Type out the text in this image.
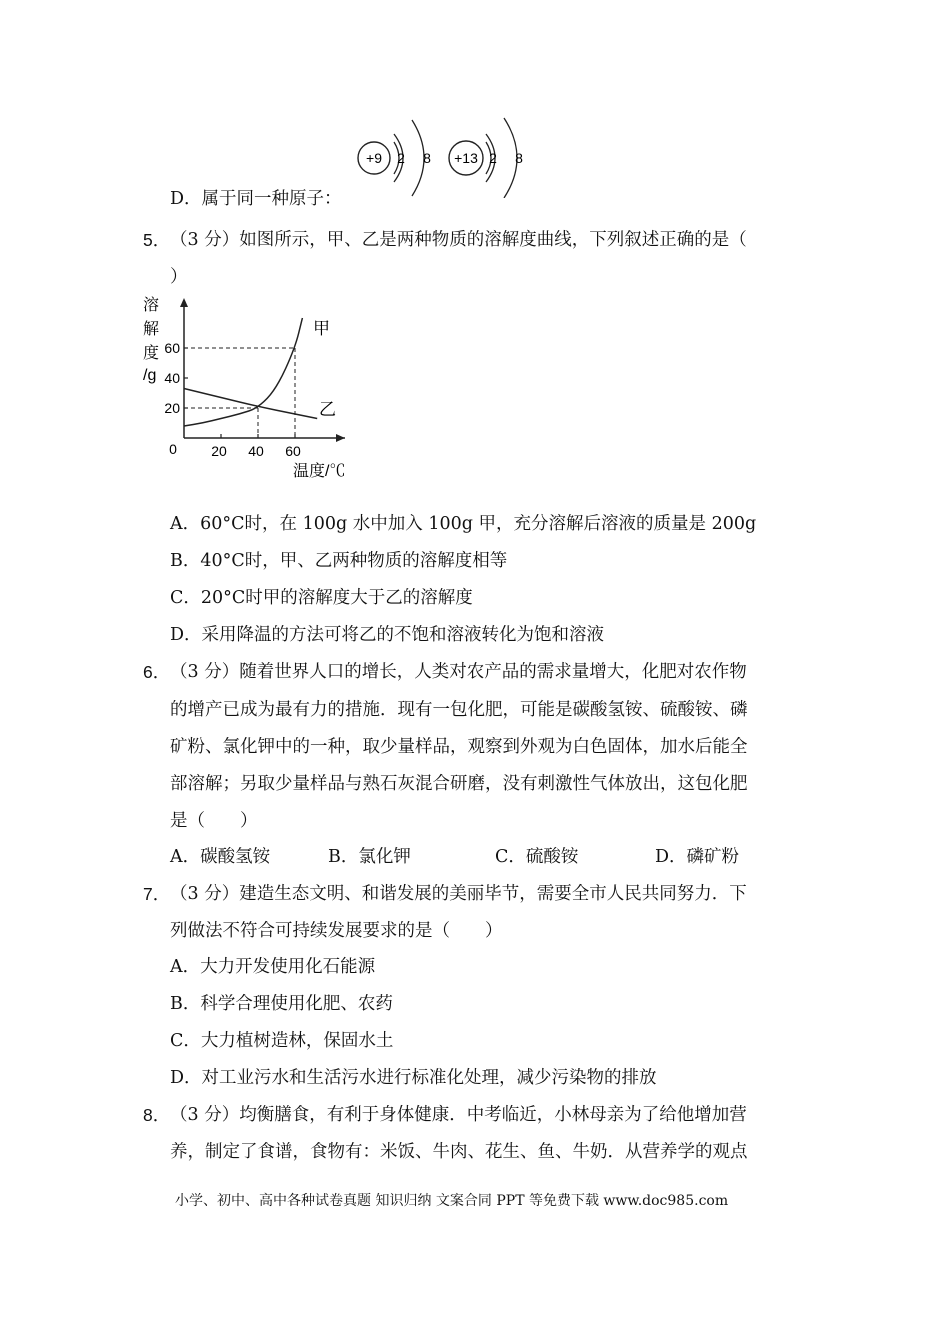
+9 2 8 +13 2 8
D．属于同一种原子：
5． （3 分）如图所示，甲、乙是两种物质的溶解度曲线，下列叙述正确的是（
）
20 40 60
20
40
60
0
甲
乙
溶
解
度
/g
温度/℃
A．60°C时，在 100g 水中加入 100g 甲，充分溶解后溶液的质量是 200g
B．40°C时，甲、乙两种物质的溶解度相等
C．20°C时甲的溶解度大于乙的溶解度
D．采用降温的方法可将乙的不饱和溶液转化为饱和溶液
6． （3 分）随着世界人口的增长，人类对农产品的需求量增大，化肥对农作物
的增产已成为最有力的措施．现有一包化肥，可能是碳酸氢铵、硫酸铵、磷
矿粉、氯化钾中的一种，取少量样品，观察到外观为白色固体，加水后能全
部溶解；另取少量样品与熟石灰混合研磨，没有刺激性气体放出，这包化肥
是（　　）
A．碳酸氢铵	B．氯化钾	C．硫酸铵	D．磷矿粉
7． （3 分）建造生态文明、和谐发展的美丽毕节，需要全市人民共同努力．下
列做法不符合可持续发展要求的是（　　）
A．大力开发使用化石能源
B．科学合理使用化肥、农药
C．大力植树造林，保固水土
D．对工业污水和生活污水进行标准化处理，减少污染物的排放
8． （3 分）均衡膳食，有利于身体健康．中考临近，小林母亲为了给他增加营
养，制定了食谱，食物有：米饭、牛肉、花生、鱼、牛奶．从营养学的观点
小学、初中、高中各种试卷真题 知识归纳 文案合同 PPT 等免费下载 www.doc985.com
